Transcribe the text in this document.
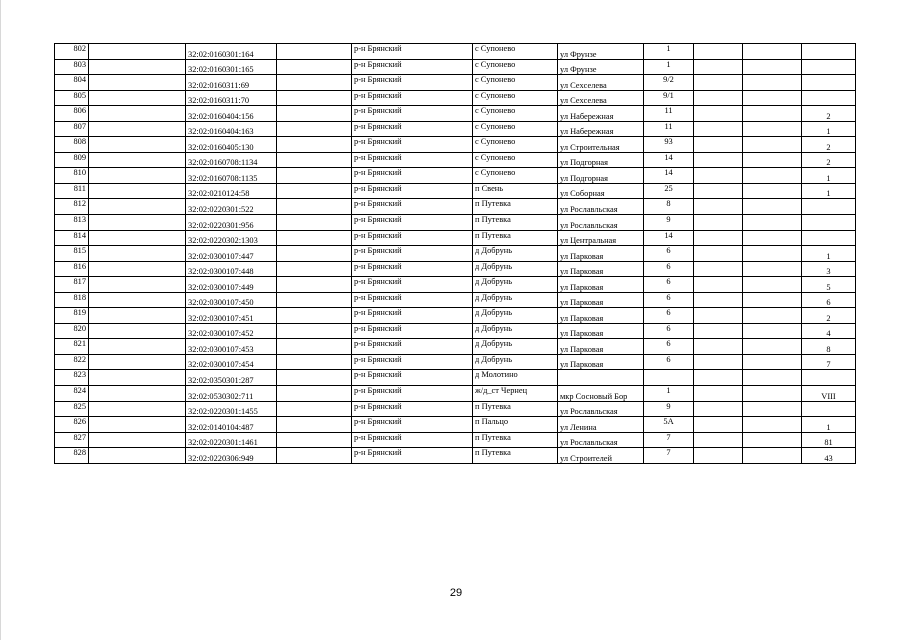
802		32:02:0160301:164		р-н Брянский	с Супонево	ул Фрунзе	1			
803		32:02:0160301:165		р-н Брянский	с Супонево	ул Фрунзе	1			
804		32:02:0160311:69		р-н Брянский	с Супонево	ул Сеxселева	9/2			
805		32:02:0160311:70		р-н Брянский	с Супонево	ул Сеxселева	9/1			
806		32:02:0160404:156		р-н Брянский	с Супонево	ул Набережная	11			2
807		32:02:0160404:163		р-н Брянский	с Супонево	ул Набережная	11			1
808		32:02:0160405:130		р-н Брянский	с Супонево	ул Строительная	93			2
809		32:02:0160708:1134		р-н Брянский	с Супонево	ул Подгорная	14			2
810		32:02:0160708:1135		р-н Брянский	с Супонево	ул Подгорная	14			1
811		32:02:0210124:58		р-н Брянский	п Свень	ул Соборная	25			1
812		32:02:0220301:522		р-н Брянский	п Путевка	ул Рославльская	8			
813		32:02:0220301:956		р-н Брянский	п Путевка	ул Рославльская	9			
814		32:02:0220302:1303		р-н Брянский	п Путевка	ул Центральная	14			
815		32:02:0300107:447		р-н Брянский	д Добрунь	ул Парковая	6			1
816		32:02:0300107:448		р-н Брянский	д Добрунь	ул Парковая	6			3
817		32:02:0300107:449		р-н Брянский	д Добрунь	ул Парковая	6			5
818		32:02:0300107:450		р-н Брянский	д Добрунь	ул Парковая	6			6
819		32:02:0300107:451		р-н Брянский	д Добрунь	ул Парковая	6			2
820		32:02:0300107:452		р-н Брянский	д Добрунь	ул Парковая	6			4
821		32:02:0300107:453		р-н Брянский	д Добрунь	ул Парковая	6			8
822		32:02:0300107:454		р-н Брянский	д Добрунь	ул Парковая	6			7
823		32:02:0350301:287		р-н Брянский	д Молотино					
824		32:02:0530302:711		р-н Брянский	ж/д_ст Чернец	мкр Сосновый Бор	1			VIII
825		32:02:0220301:1455		р-н Брянский	п Путевка	ул Рославльская	9			
826		32:02:0140104:487		р-н Брянский	п Пальцо	ул Ленина	5А			1
827		32:02:0220301:1461		р-н Брянский	п Путевка	ул Рославльская	7			81
828		32:02:0220306:949		р-н Брянский	п Путевка	ул Строителей	7			43
29
